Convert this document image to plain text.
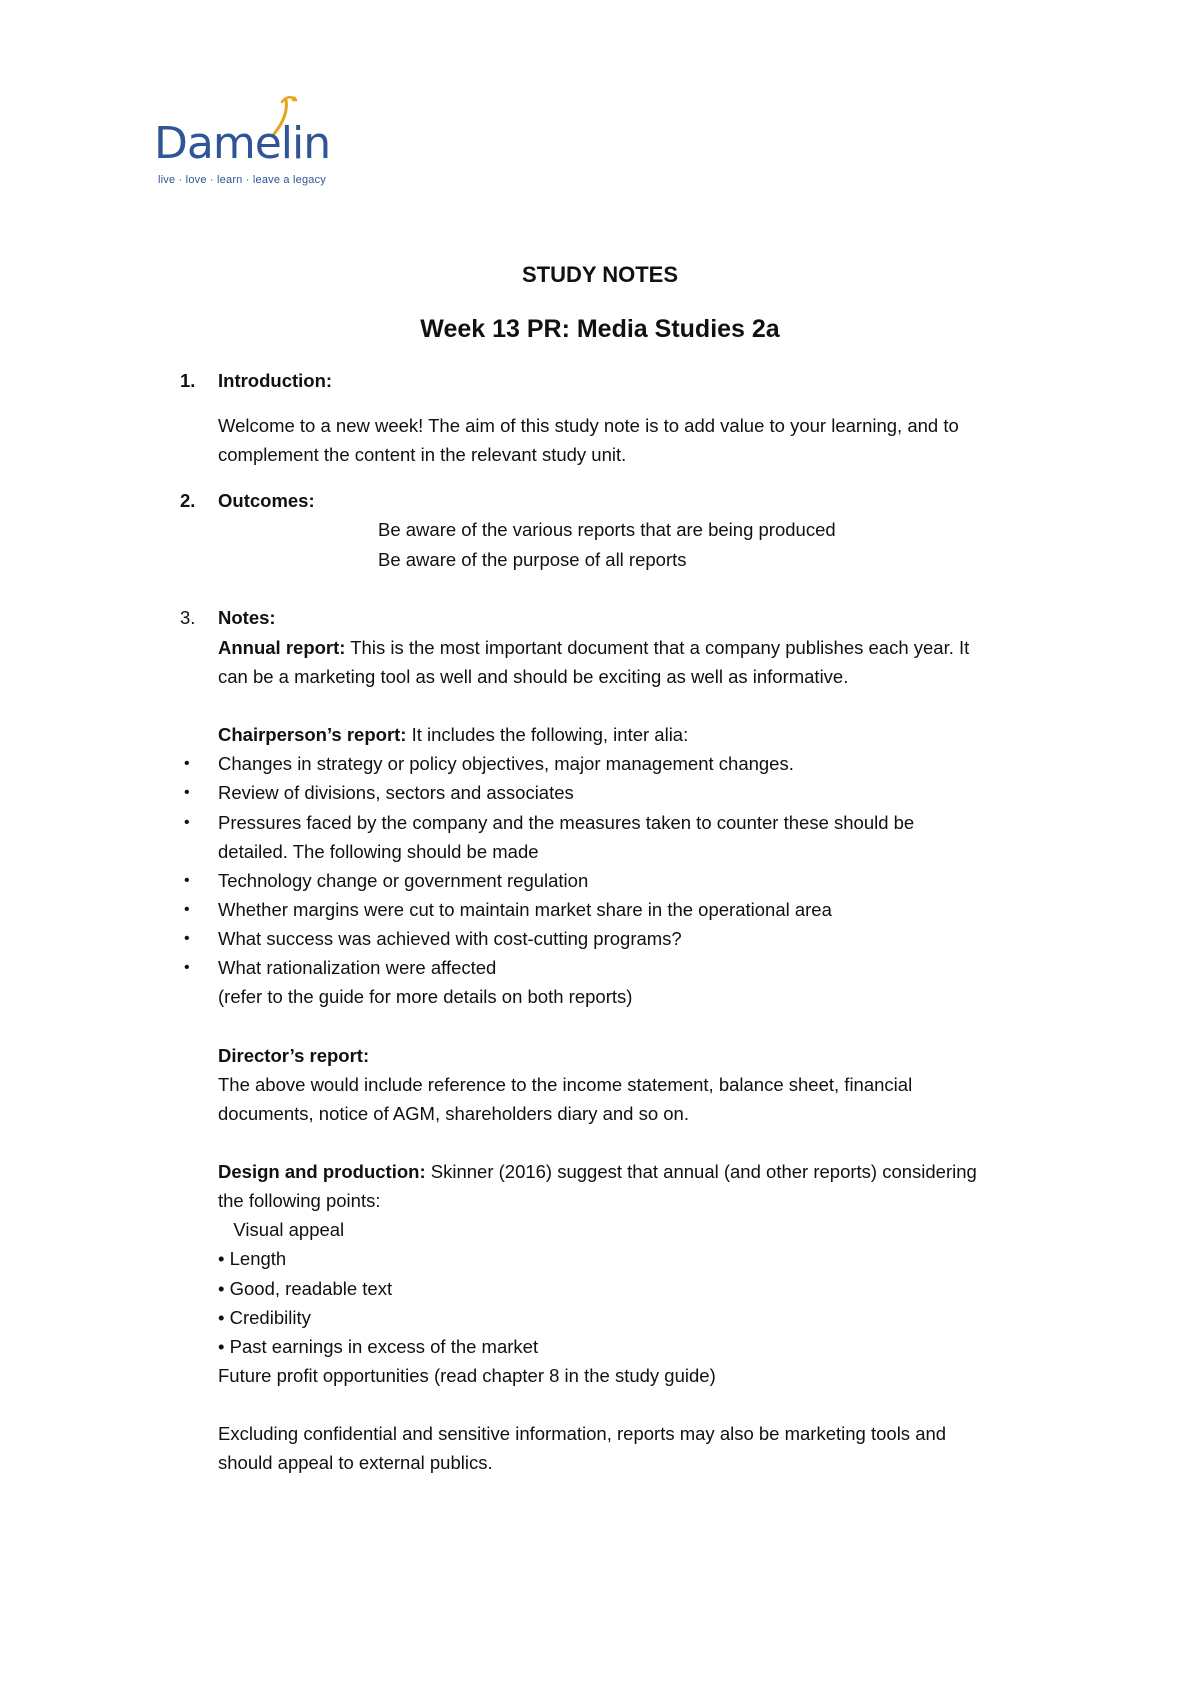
Damelin
live · love · learn · leave a legacy
STUDY NOTES
Week 13 PR: Media Studies 2a
1. Introduction:
Welcome to a new week! The aim of this study note is to add value to your learning, and to
complement the content in the relevant study unit.
2. Outcomes:
Be aware of the various reports that are being produced
Be aware of the purpose of all reports
3. Notes:
Annual report: This is the most important document that a company publishes each year. It
can be a marketing tool as well and should be exciting as well as informative.
Chairperson’s report: It includes the following, inter alia:
• Changes in strategy or policy objectives, major management changes.
• Review of divisions, sectors and associates
• Pressures faced by the company and the measures taken to counter these should be
detailed. The following should be made
• Technology change or government regulation
• Whether margins were cut to maintain market share in the operational area
• What success was achieved with cost-cutting programs?
• What rationalization were affected
(refer to the guide for more details on both reports)
Director’s report:
The above would include reference to the income statement, balance sheet, financial
documents, notice of AGM, shareholders diary and so on.
Design and production: Skinner (2016) suggest that annual (and other reports) considering
the following points:
Visual appeal
• Length
• Good, readable text
• Credibility
• Past earnings in excess of the market
Future profit opportunities (read chapter 8 in the study guide)
Excluding confidential and sensitive information, reports may also be marketing tools and
should appeal to external publics.
